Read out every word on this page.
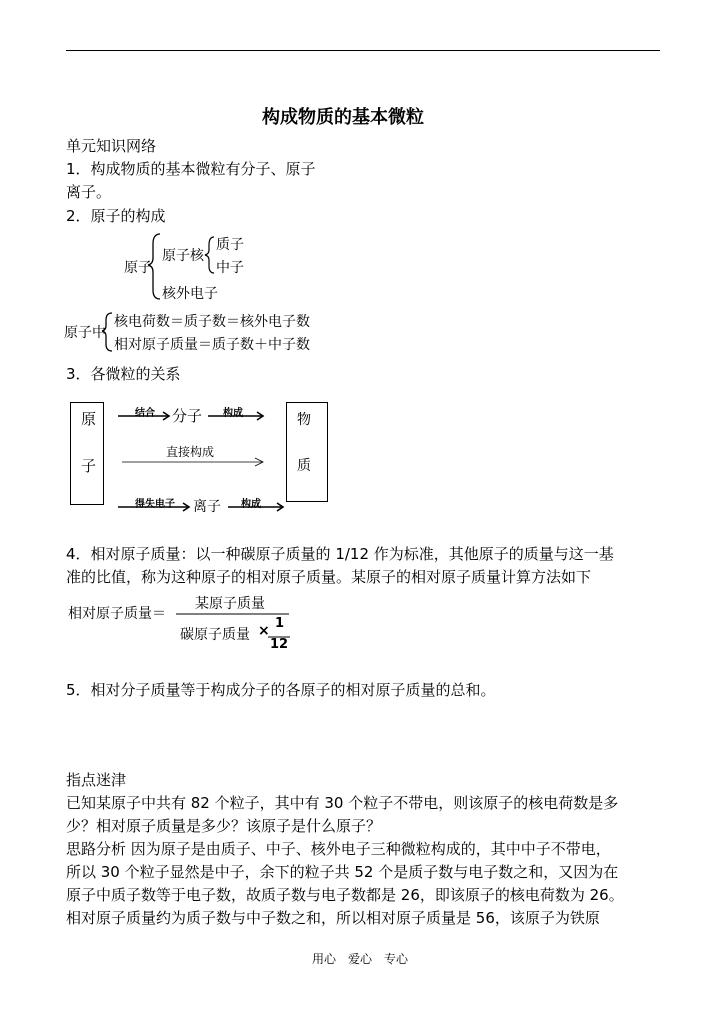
构成物质的基本微粒
单元知识网络
1．构成物质的基本微粒有分子、原子
离子。
2．原子的构成
原子
原子核
质子
中子
核外电子
原子中
核电荷数＝质子数＝核外电子数
相对原子质量＝质子数＋中子数
3．各微粒的关系
原
子
物
质
结合 分子 构成
直接构成
得失电子 离子 构成
4．相对原子质量：以一种碳原子质量的 1/12 作为标准，其他原子的质量与这一基
准的比值，称为这种原子的相对原子质量。某原子的相对原子质量计算方法如下
相对原子质量＝
某原子质量
碳原子质量 × 1
12
5．相对分子质量等于构成分子的各原子的相对原子质量的总和。
指点迷津
已知某原子中共有 82 个粒子，其中有 30 个粒子不带电，则该原子的核电荷数是多
少？相对原子质量是多少？该原子是什么原子？
思路分析 因为原子是由质子、中子、核外电子三种微粒构成的，其中中子不带电，
所以 30 个粒子显然是中子，余下的粒子共 52 个是质子数与电子数之和，又因为在
原子中质子数等于电子数，故质子数与电子数都是 26，即该原子的核电荷数为 26。
相对原子质量约为质子数与中子数之和，所以相对原子质量是 56，该原子为铁原
用心　爱心　专心
